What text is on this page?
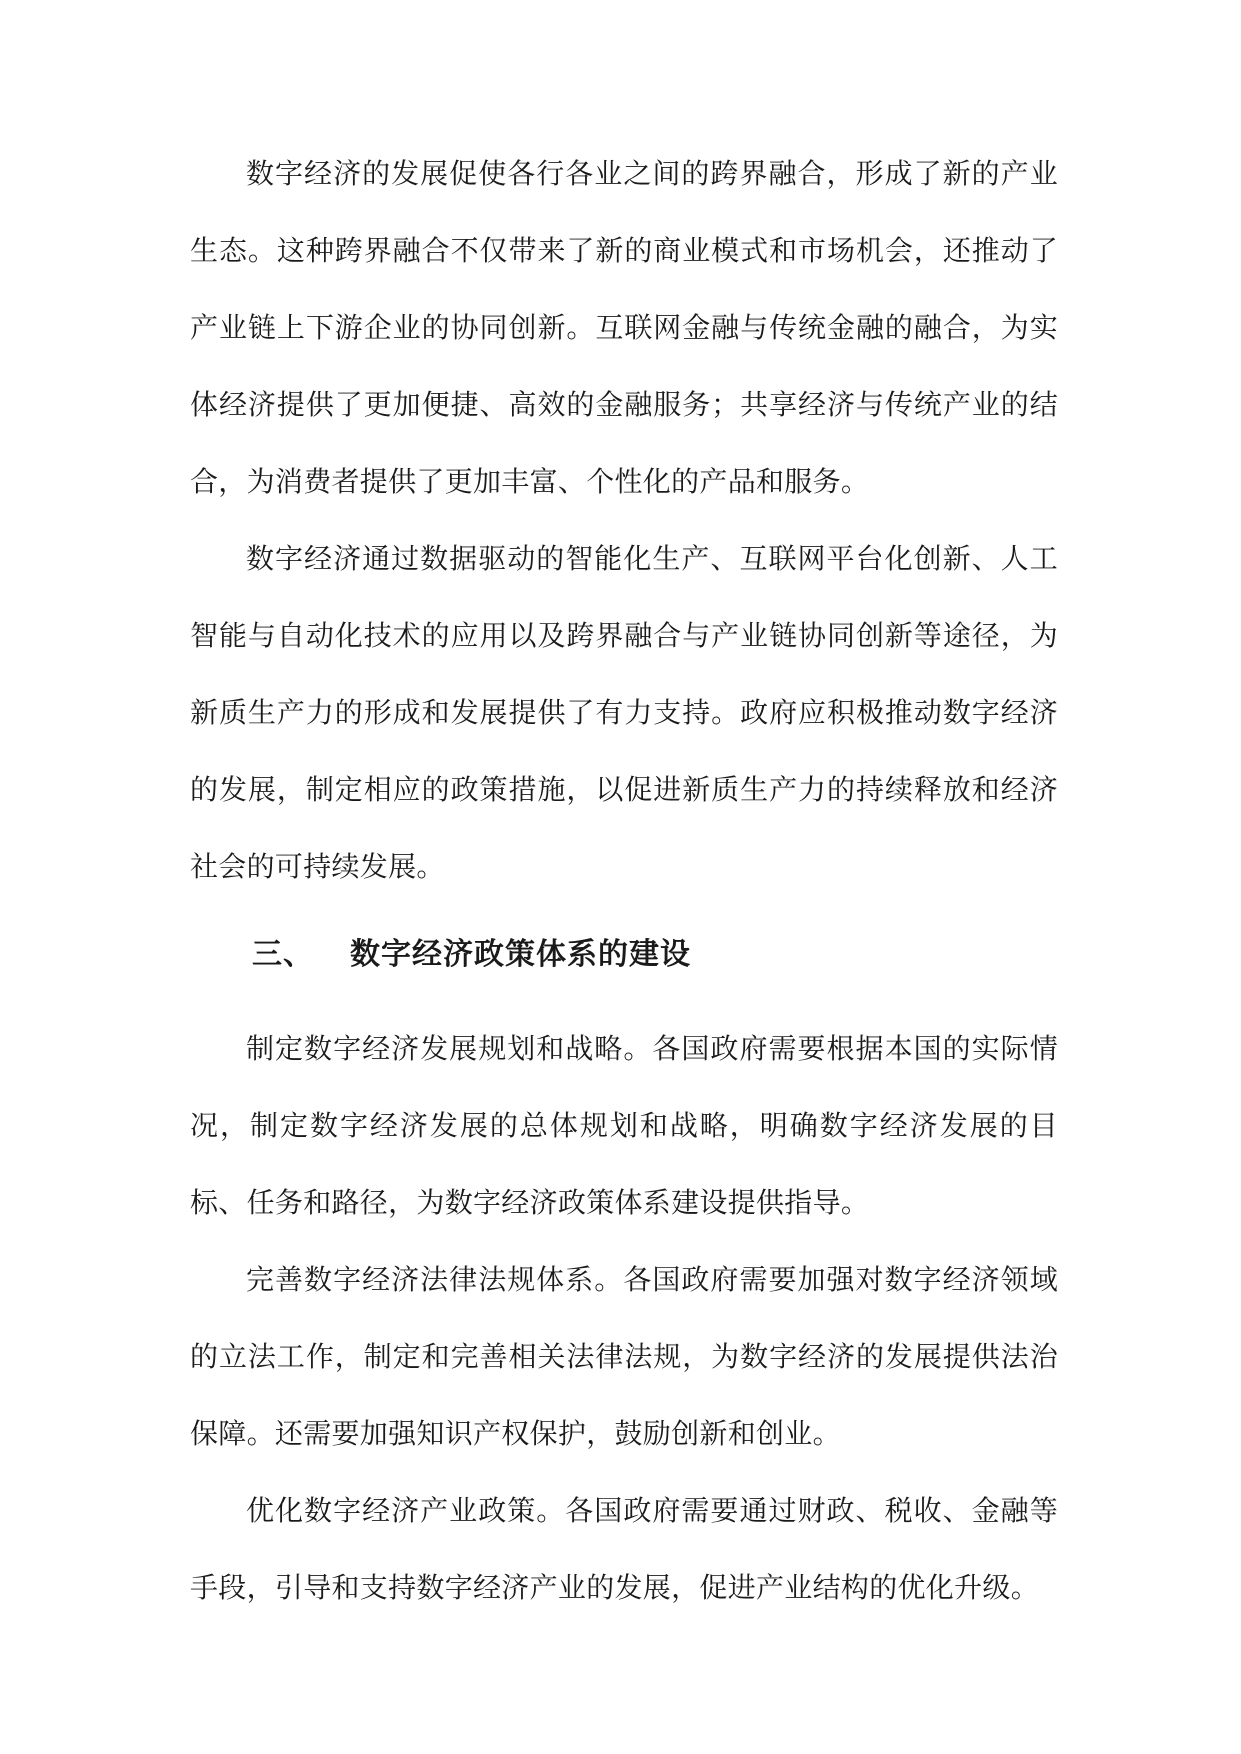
数字经济的发展促使各行各业之间的跨界融合，形成了新的产业生态。这种跨界融合不仅带来了新的商业模式和市场机会，还推动了产业链上下游企业的协同创新。互联网金融与传统金融的融合，为实体经济提供了更加便捷、高效的金融服务；共享经济与传统产业的结合，为消费者提供了更加丰富、个性化的产品和服务。

数字经济通过数据驱动的智能化生产、互联网平台化创新、人工智能与自动化技术的应用以及跨界融合与产业链协同创新等途径，为新质生产力的形成和发展提供了有力支持。政府应积极推动数字经济的发展，制定相应的政策措施，以促进新质生产力的持续释放和经济社会的可持续发展。

三、 数字经济政策体系的建设

制定数字经济发展规划和战略。各国政府需要根据本国的实际情况，制定数字经济发展的总体规划和战略，明确数字经济发展的目标、任务和路径，为数字经济政策体系建设提供指导。

完善数字经济法律法规体系。各国政府需要加强对数字经济领域的立法工作，制定和完善相关法律法规，为数字经济的发展提供法治保障。还需要加强知识产权保护，鼓励创新和创业。

优化数字经济产业政策。各国政府需要通过财政、税收、金融等手段，引导和支持数字经济产业的发展，促进产业结构的优化升级。
